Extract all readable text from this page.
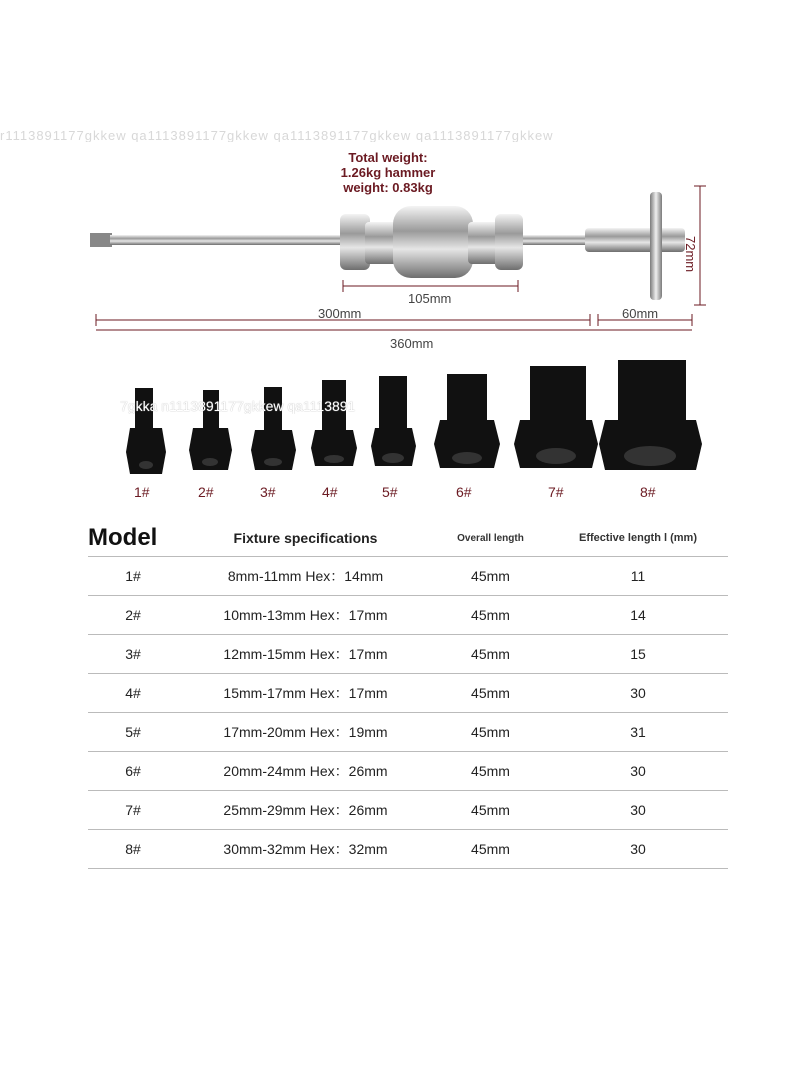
r1113891177gkkew qa1113891177gkkew qa1113891177gkkew qa1113891177gkkew
Total weight:
1.26kg hammer
weight: 0.83kg
300mm
105mm
60mm
360mm
72mm
7gkka n1113891177gkkew qa1113891
1#	2#	3#	4#	5#	6#	7#	8#
Model	Fixture specifications	Overall length	Effective length l (mm)
1#	8mm-11mm Hex：14mm	45mm	11
2#	10mm-13mm Hex：17mm	45mm	14
3#	12mm-15mm Hex：17mm	45mm	15
4#	15mm-17mm Hex：17mm	45mm	30
5#	17mm-20mm Hex：19mm	45mm	31
6#	20mm-24mm Hex：26mm	45mm	30
7#	25mm-29mm Hex：26mm	45mm	30
8#	30mm-32mm Hex：32mm	45mm	30
